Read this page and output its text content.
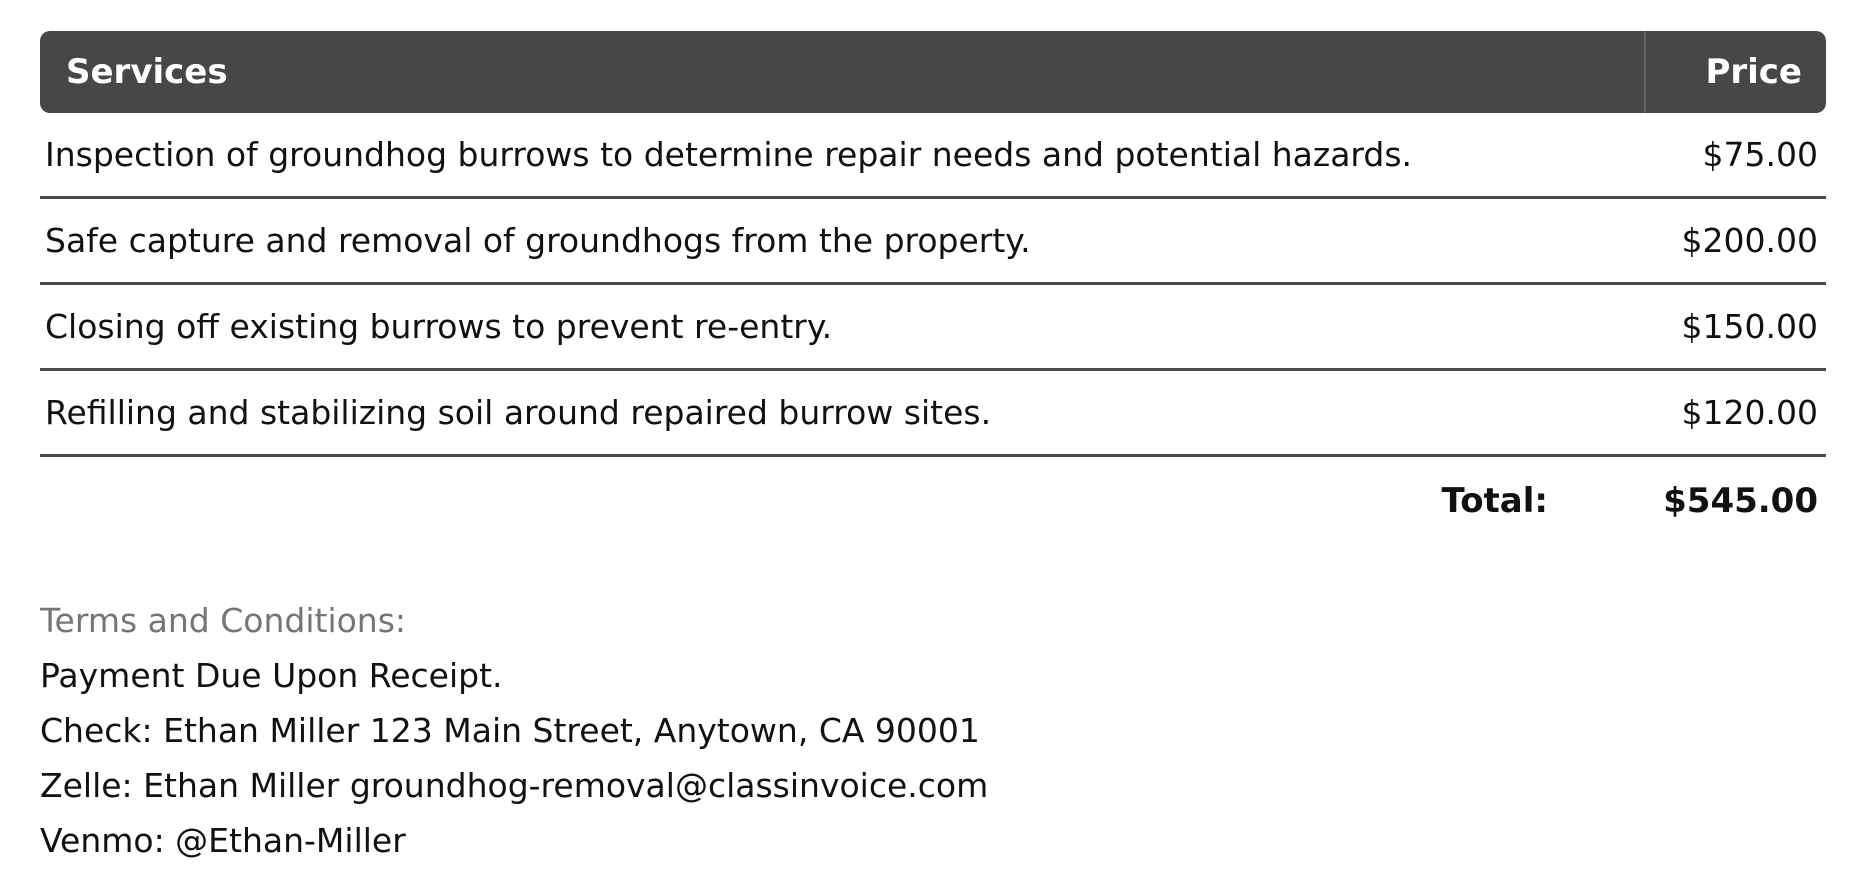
Services	Price
Inspection of groundhog burrows to determine repair needs and potential hazards.	$75.00
Safe capture and removal of groundhogs from the property.	$200.00
Closing off existing burrows to prevent re-entry.	$150.00
Refilling and stabilizing soil around repaired burrow sites.	$120.00
Total:	$545.00
Terms and Conditions:
Payment Due Upon Receipt.
Check: Ethan Miller 123 Main Street, Anytown, CA 90001
Zelle: Ethan Miller groundhog-removal@classinvoice.com
Venmo: @Ethan-Miller
